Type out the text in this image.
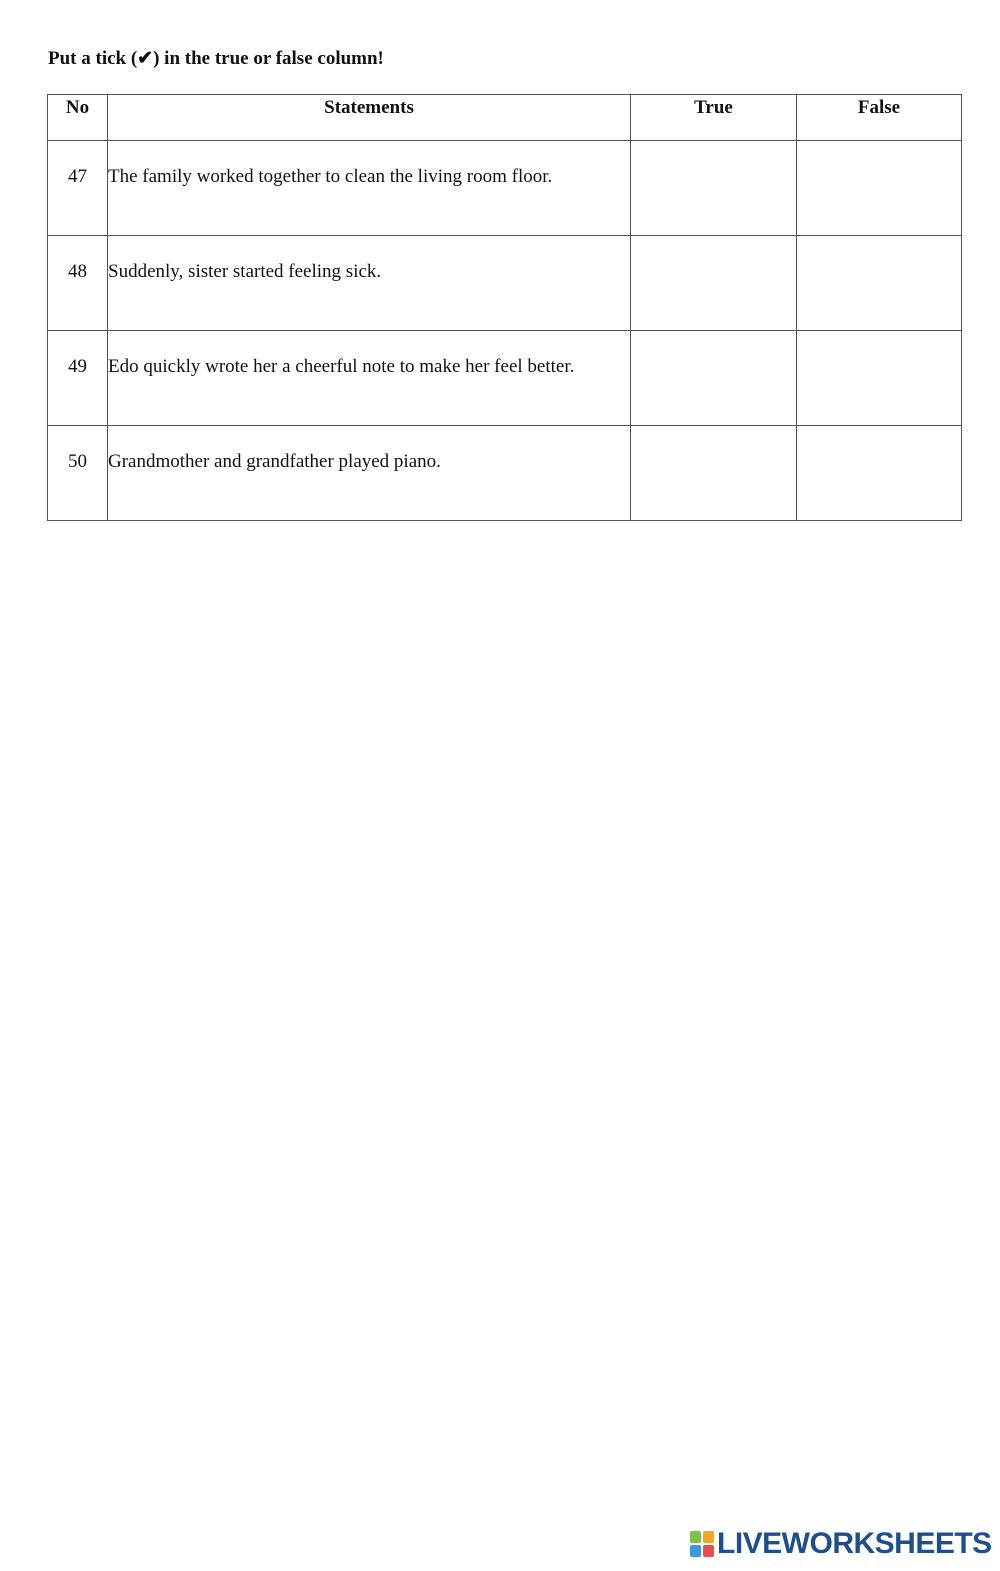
Put a tick (✔) in the true or false column!

No	Statements	True	False
47	The family worked together to clean the living room floor.		
48	Suddenly, sister started feeling sick.		
49	Edo quickly wrote her a cheerful note to make her feel better.		
50	Grandmother and grandfather played piano.		
LIVEWORKSHEETS
